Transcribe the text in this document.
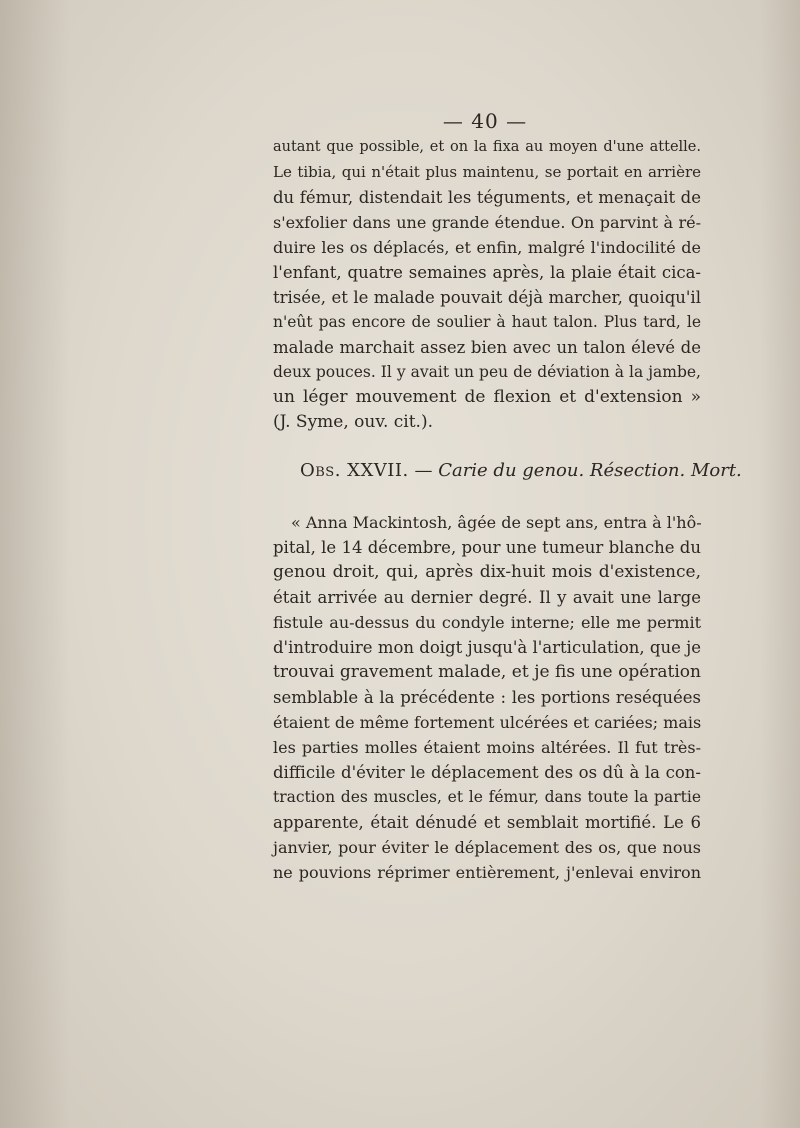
— 40 —
autant que possible, et on la fixa au moyen d'une attelle.
Le tibia, qui n'était plus maintenu, se portait en arrière
du fémur, distendait les téguments, et menaçait de
s'exfolier dans une grande étendue. On parvint à ré-
duire les os déplacés, et enfin, malgré l'indocilité de
l'enfant, quatre semaines après, la plaie était cica-
trisée, et le malade pouvait déjà marcher, quoiqu'il
n'eût pas encore de soulier à haut talon. Plus tard, le
malade marchait assez bien avec un talon élevé de
deux pouces. Il y avait un peu de déviation à la jambe,
un léger mouvement de flexion et d'extension »
(J. Syme, ouv. cit.).
Obs. XXVII. — Carie du genou. Résection. Mort.
« Anna Mackintosh, âgée de sept ans, entra à l'hô-
pital, le 14 décembre, pour une tumeur blanche du
genou droit, qui, après dix-huit mois d'existence,
était arrivée au dernier degré. Il y avait une large
fistule au-dessus du condyle interne; elle me permit
d'introduire mon doigt jusqu'à l'articulation, que je
trouvai gravement malade, et je fis une opération
semblable à la précédente : les portions reséquées
étaient de même fortement ulcérées et cariées; mais
les parties molles étaient moins altérées. Il fut très-
difficile d'éviter le déplacement des os dû à la con-
traction des muscles, et le fémur, dans toute la partie
apparente, était dénudé et semblait mortifié. Le 6
janvier, pour éviter le déplacement des os, que nous
ne pouvions réprimer entièrement, j'enlevai environ
